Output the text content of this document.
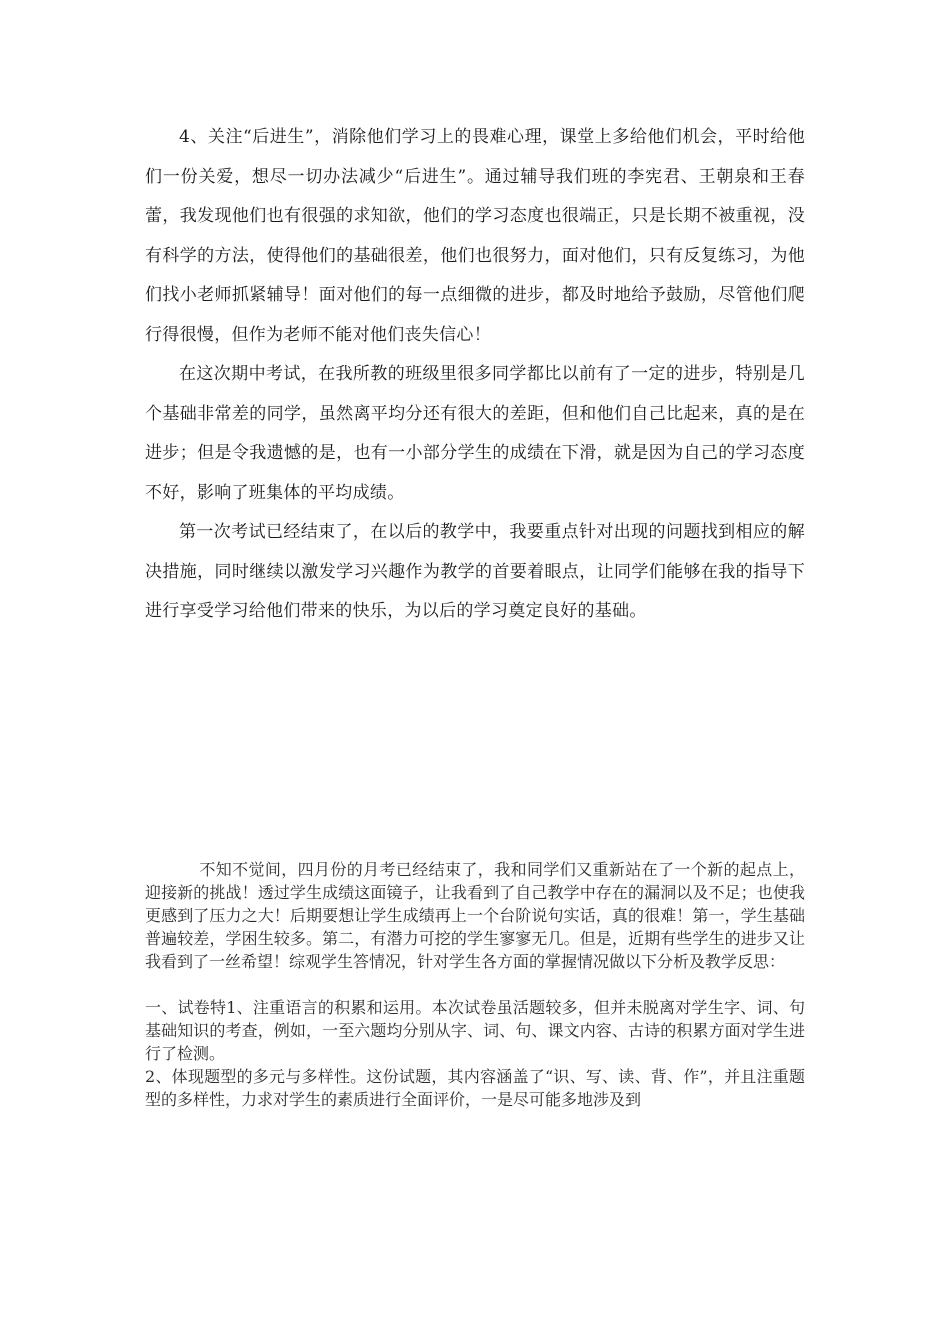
4、关注“后进生”，消除他们学习上的畏难心理，课堂上多给他们机会，平时给他们一份关爱，想尽一切办法减少“后进生”。通过辅导我们班的李宪君、王朝泉和王春蕾，我发现他们也有很强的求知欲，他们的学习态度也很端正，只是长期不被重视，没有科学的方法，使得他们的基础很差，他们也很努力，面对他们，只有反复练习，为他们找小老师抓紧辅导！面对他们的每一点细微的进步，都及时地给予鼓励，尽管他们爬行得很慢，但作为老师不能对他们丧失信心！

在这次期中考试，在我所教的班级里很多同学都比以前有了一定的进步，特别是几个基础非常差的同学，虽然离平均分还有很大的差距，但和他们自己比起来，真的是在进步；但是令我遗憾的是，也有一小部分学生的成绩在下滑，就是因为自己的学习态度不好，影响了班集体的平均成绩。

第一次考试已经结束了，在以后的教学中，我要重点针对出现的问题找到相应的解决措施，同时继续以激发学习兴趣作为教学的首要着眼点，让同学们能够在我的指导下进行享受学习给他们带来的快乐，为以后的学习奠定良好的基础。

不知不觉间，四月份的月考已经结束了，我和同学们又重新站在了一个新的起点上，迎接新的挑战！透过学生成绩这面镜子，让我看到了自己教学中存在的漏洞以及不足；也使我更感到了压力之大！后期要想让学生成绩再上一个台阶说句实话，真的很难！第一，学生基础普遍较差，学困生较多。第二，有潜力可挖的学生寥寥无几。但是，近期有些学生的进步又让我看到了一丝希望！综观学生答情况，针对学生各方面的掌握情况做以下分析及教学反思：

一、试卷特1、注重语言的积累和运用。本次试卷虽活题较多，但并未脱离对学生字、词、句基础知识的考查，例如，一至六题均分别从字、词、句、课文内容、古诗的积累方面对学生进行了检测。

2、体现题型的多元与多样性。这份试题，其内容涵盖了“识、写、读、背、作”，并且注重题型的多样性，力求对学生的素质进行全面评价，一是尽可能多地涉及到
